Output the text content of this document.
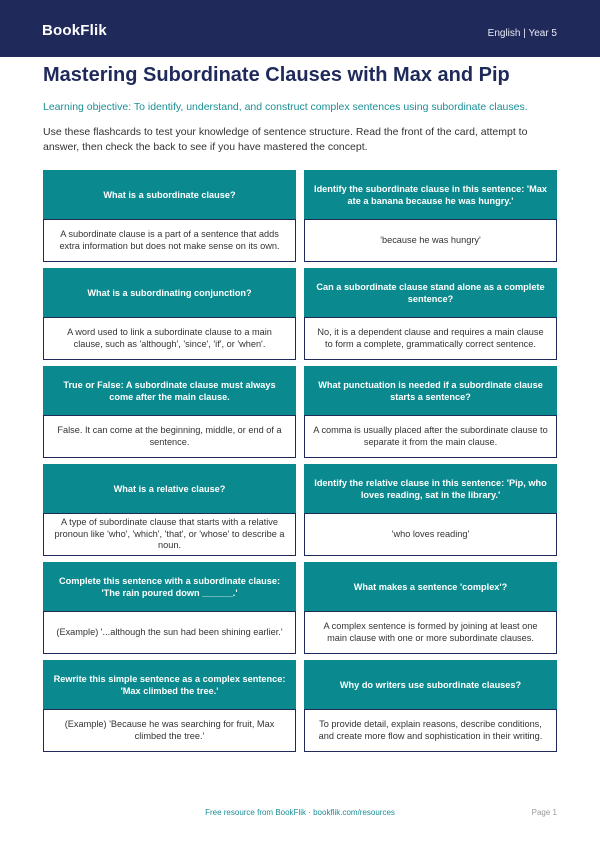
BookFlik	English | Year 5
Mastering Subordinate Clauses with Max and Pip
Learning objective: To identify, understand, and construct complex sentences using subordinate clauses.
Use these flashcards to test your knowledge of sentence structure. Read the front of the card, attempt to answer, then check the back to see if you have mastered the concept.
What is a subordinate clause?
A subordinate clause is a part of a sentence that adds extra information but does not make sense on its own.
Identify the subordinate clause in this sentence: 'Max ate a banana because he was hungry.'
'because he was hungry'
What is a subordinating conjunction?
A word used to link a subordinate clause to a main clause, such as 'although', 'since', 'if', or 'when'.
Can a subordinate clause stand alone as a complete sentence?
No, it is a dependent clause and requires a main clause to form a complete, grammatically correct sentence.
True or False: A subordinate clause must always come after the main clause.
False. It can come at the beginning, middle, or end of a sentence.
What punctuation is needed if a subordinate clause starts a sentence?
A comma is usually placed after the subordinate clause to separate it from the main clause.
What is a relative clause?
A type of subordinate clause that starts with a relative pronoun like 'who', 'which', 'that', or 'whose' to describe a noun.
Identify the relative clause in this sentence: 'Pip, who loves reading, sat in the library.'
'who loves reading'
Complete this sentence with a subordinate clause: 'The rain poured down ______.'
(Example) '...although the sun had been shining earlier.'
What makes a sentence 'complex'?
A complex sentence is formed by joining at least one main clause with one or more subordinate clauses.
Rewrite this simple sentence as a complex sentence: 'Max climbed the tree.'
(Example) 'Because he was searching for fruit, Max climbed the tree.'
Why do writers use subordinate clauses?
To provide detail, explain reasons, describe conditions, and create more flow and sophistication in their writing.
Free resource from BookFlik · bookflik.com/resources	Page 1
